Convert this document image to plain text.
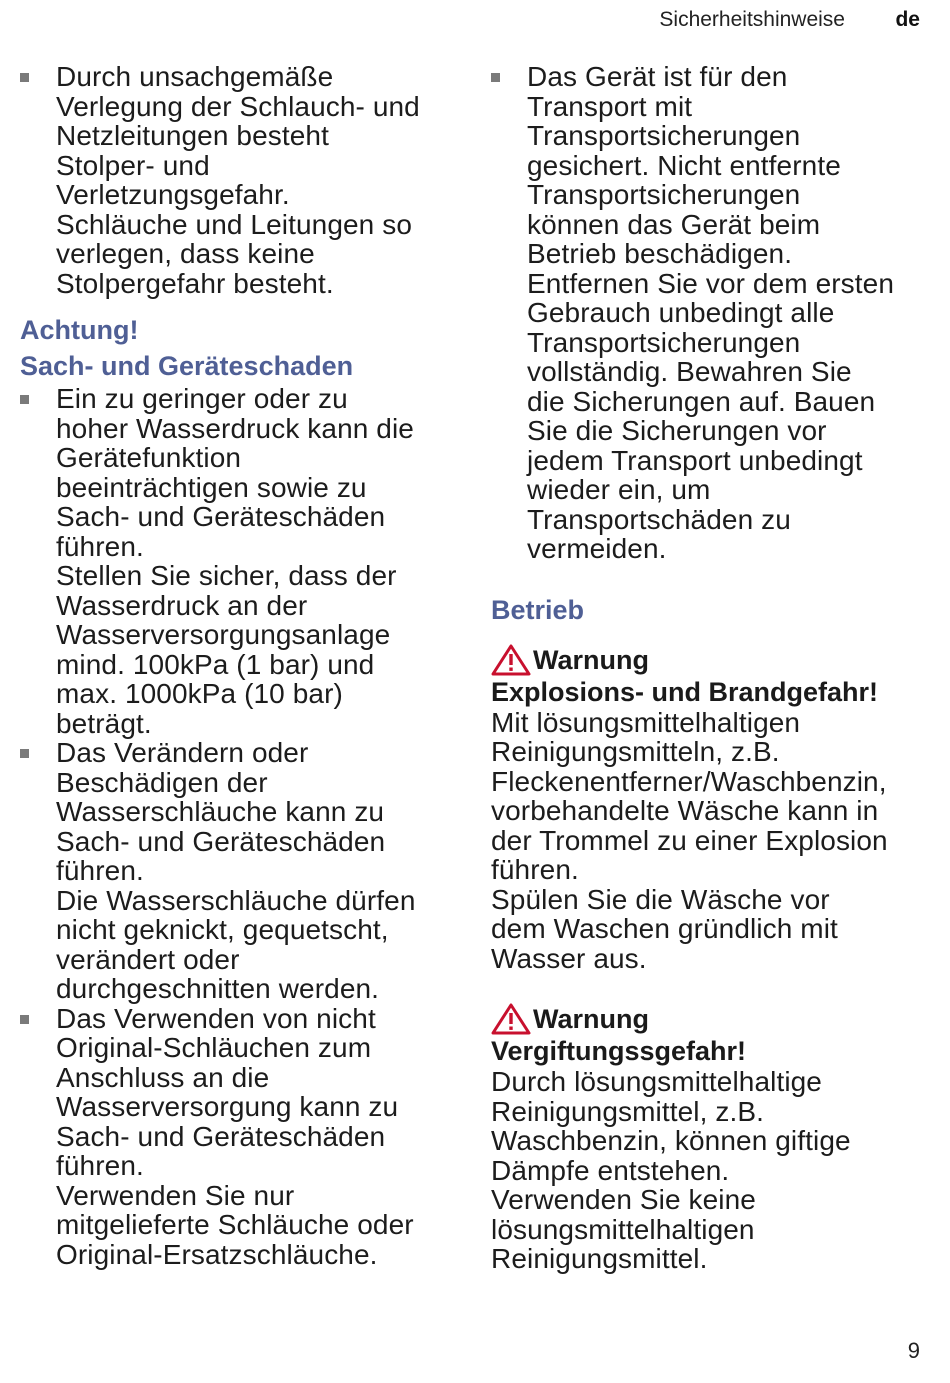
Sicherheitshinweise de

Durch unsachgemäße
Verlegung der Schlauch- und
Netzleitungen besteht
Stolper- und
Verletzungsgefahr.
Schläuche und Leitungen so
verlegen, dass keine
Stolpergefahr besteht.

Achtung!

Sach- und Geräteschaden

Ein zu geringer oder zu
hoher Wasserdruck kann die
Gerätefunktion
beeinträchtigen sowie zu
Sach- und Geräteschäden
führen.
Stellen Sie sicher, dass der
Wasserdruck an der
Wasserversorgungsanlage
mind. 100kPa (1 bar) und
max. 1000kPa (10 bar)
beträgt.

Das Verändern oder
Beschädigen der
Wasserschläuche kann zu
Sach- und Geräteschäden
führen.
Die Wasserschläuche dürfen
nicht geknickt, gequetscht,
verändert oder
durchgeschnitten werden.

Das Verwenden von nicht
Original-Schläuchen zum
Anschluss an die
Wasserversorgung kann zu
Sach- und Geräteschäden
führen.
Verwenden Sie nur
mitgelieferte Schläuche oder
Original-Ersatzschläuche.

Das Gerät ist für den
Transport mit
Transportsicherungen
gesichert. Nicht entfernte
Transportsicherungen
können das Gerät beim
Betrieb beschädigen.
Entfernen Sie vor dem ersten
Gebrauch unbedingt alle
Transportsicherungen
vollständig. Bewahren Sie
die Sicherungen auf. Bauen
Sie die Sicherungen vor
jedem Transport unbedingt
wieder ein, um
Transportschäden zu
vermeiden.

Betrieb

Warnung

Explosions- und Brandgefahr!

Mit lösungsmittelhaltigen
Reinigungsmitteln, z.B.
Fleckenentferner/Waschbenzin,
vorbehandelte Wäsche kann in
der Trommel zu einer Explosion
führen.
Spülen Sie die Wäsche vor
dem Waschen gründlich mit
Wasser aus.

Warnung

Vergiftungssgefahr!

Durch lösungsmittelhaltige
Reinigungsmittel, z.B.
Waschbenzin, können giftige
Dämpfe entstehen.
Verwenden Sie keine
lösungsmittelhaltigen
Reinigungsmittel.

9
